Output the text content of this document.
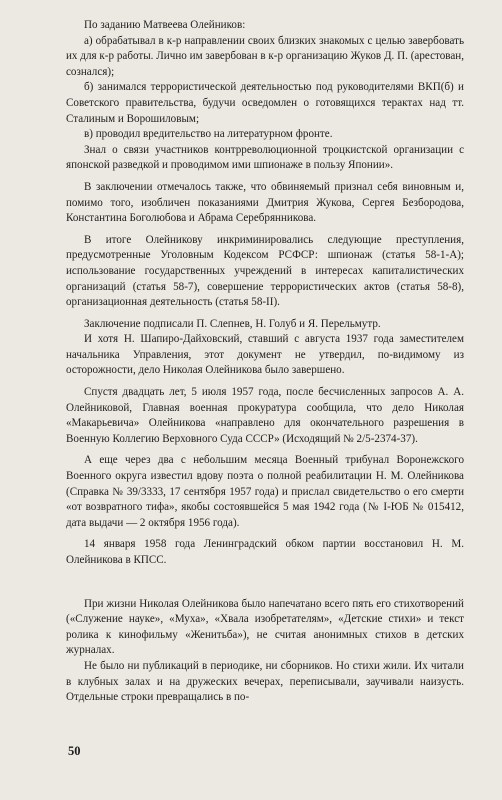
По заданию Матвеева Олейников:

а) обрабатывал в к-р направлении своих близких знакомых с целью завербовать их для к-р работы. Лично им завербован в к-р организацию Жуков Д. П. (арестован, сознался);

б) занимался террористической деятельностью под руководителями ВКП(б) и Советского правительства, будучи осведомлен о готовящихся терактах над тт. Сталиным и Ворошиловым;

в) проводил вредительство на литературном фронте.

Знал о связи участников контрреволюционной троцкистской организации с японской разведкой и проводимом ими шпионаже в пользу Японии».

В заключении отмечалось также, что обвиняемый признал себя виновным и, помимо того, изобличен показаниями Дмитрия Жукова, Сергея Безбородова, Константина Боголюбова и Абрама Серебрянникова.

В итоге Олейникову инкриминировались следующие преступления, предусмотренные Уголовным Кодексом РСФСР: шпионаж (статья 58-1-А); использование государственных учреждений в интересах капиталистических организаций (статья 58-7), совершение террористических актов (статья 58-8), организационная деятельность (статья 58-II).

Заключение подписали П. Слепнев, Н. Голуб и Я. Перельмутр.

И хотя Н. Шапиро-Дайховский, ставший с августа 1937 года заместителем начальника Управления, этот документ не утвердил, по-видимому из осторожности, дело Николая Олейникова было завершено.

Спустя двадцать лет, 5 июля 1957 года, после бесчисленных запросов А. А. Олейниковой, Главная военная прокуратура сообщила, что дело Николая «Макарьевича» Олейникова «направлено для окончательного разрешения в Военную Коллегию Верховного Суда СССР» (Исходящий № 2/5-2374-37).

А еще через два с небольшим месяца Военный трибунал Воронежского Военного округа известил вдову поэта о полной реабилитации Н. М. Олейникова (Справка № 39/3333, 17 сентября 1957 года) и прислал свидетельство о его смерти «от возвратного тифа», якобы состоявшейся 5 мая 1942 года (№ I-ЮБ № 015412, дата выдачи — 2 октября 1956 года).

14 января 1958 года Ленинградский обком партии восстановил Н. М. Олейникова в КПСС.

При жизни Николая Олейникова было напечатано всего пять его стихотворений («Служение науке», «Муха», «Хвала изобретателям», «Детские стихи» и текст ролика к кинофильму «Женитьба»), не считая анонимных стихов в детских журналах.

Не было ни публикаций в периодике, ни сборников. Но стихи жили. Их читали в клубных залах и на дружеских вечерах, переписывали, заучивали наизусть. Отдельные строки превращались в по-

50
